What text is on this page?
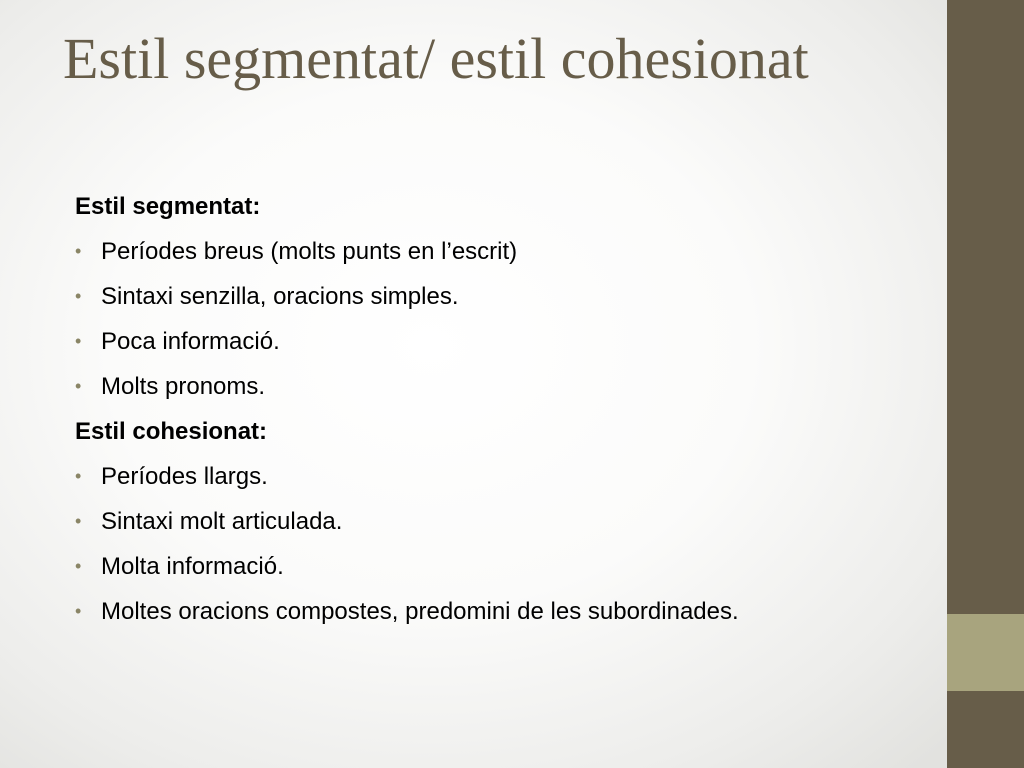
Estil segmentat/ estil cohesionat
Estil segmentat:
• Períodes breus (molts punts en l’escrit)
• Sintaxi senzilla, oracions simples.
• Poca informació.
• Molts pronoms.
Estil cohesionat:
• Períodes llargs.
• Sintaxi molt articulada.
• Molta informació.
• Moltes oracions compostes, predomini de les subordinades.
